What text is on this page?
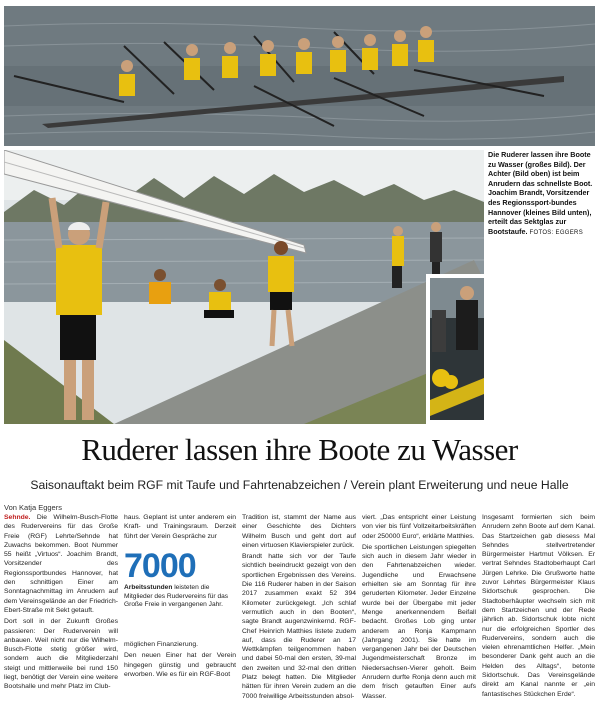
Die Ruderer lassen ihre Boote zu Wasser (großes Bild). Der Achter (Bild oben) ist beim Anrudern das schnellste Boot. Joachim Brandt, Vorsitzender des Regionssport-bundes Hannover (kleines Bild unten), erteilt das Sektglas zur Bootstaufe. FOTOS: EGGERS
Ruderer lassen ihre Boote zu Wasser
Saisonauftakt beim RGF mit Taufe und Fahrtenabzeichen / Verein plant Erweiterung und neue Halle
Von Katja Eggers

Sehnde. Die Wilhelm-Busch-Flotte des Rudervereins für das Große Freie (RGF) Lehrte/Sehnde hat Zuwachs bekommen. Boot Nummer 55 heißt „Virtuos“. Joachim Brandt, Vorsitzender des Regionssportbundes Hannover, hat den schnittigen Einer am Sonntagnachmittag im Anrudern auf dem Vereinsgelände an der Friedrich-Ebert-Straße mit Sekt getauft.

Dort soll in der Zukunft Großes passieren: Der Ruderverein will anbauen. Weil nicht nur die Wilhelm-Busch-Flotte stetig größer wird, sondern auch die Mitgliederzahl steigt und mittlerweile bei rund 150 liegt, benötigt der Verein eine weitere Bootshalle und mehr Platz im Club-

haus. Geplant ist unter anderem ein Kraft- und Trainingsraum. Derzeit führt der Verein Gespräche zur

7000
Arbeitsstunden leisteten die Mitglieder des Rudervereins für das Große Freie in vergangenen Jahr.

möglichen Finanzierung.

Den neuen Einer hat der Verein hingegen günstig und gebraucht erworben. Wie es für ein RGF-Boot

Tradition ist, stammt der Name aus einer Geschichte des Dichters Wilhelm Busch und geht dort auf einen virtuosen Klavierspieler zurück.

Brandt hatte sich vor der Taufe sichtlich beeindruckt gezeigt von den sportlichen Ergebnissen des Vereins. Die 116 Ruderer haben in der Saison 2017 zusammen exakt 52 394 Kilometer zurückgelegt. „Ich schlaf vermutlich auch in den Booten“, sagte Brandt augenzwinkernd. RGF-Chef Heinrich Matthies listete zudem auf, dass die Ruderer an 17 Wettkämpfen teilgenommen haben und dabei 50-mal den ersten, 39-mal den zweiten und 32-mal den dritten Platz belegt hatten. Die Mitglieder hätten für ihren Verein zudem an die 7000 freiwillige Arbeitsstunden absol-

viert. „Das entspricht einer Leistung von vier bis fünf Vollzeitarbeitskräften oder 250000 Euro“, erklärte Matthies.

Die sportlichen Leistungen spiegelten sich auch in diesem Jahr wieder in den Fahrtenabzeichen wieder. Jugendliche und Erwachsene erhielten sie am Sonntag für ihre geruderten Kilometer. Jeder Einzelne wurde bei der Übergabe mit jeder Menge anerkennendem Beifall bedacht. Großes Lob ging unter anderem an Ronja Kampmann (Jahrgang 2001). Sie hatte im vergangenen Jahr bei der Deutschen Jugendmeisterschaft Bronze im Niedersachsen-Vierer geholt. Beim Anrudern durfte Ronja denn auch mit dem frisch getauften Einer aufs Wasser.

Insgesamt formierten sich beim Anrudern zehn Boote auf dem Kanal. Das Startzeichen gab diesess Mal Sehndes stellvertretender Bürgermeister Hartmut Völksen. Er vertrat Sehndes Stadtoberhaupt Carl Jürgen Lehrke. Die Grußworte hatte zuvor Lehrtes Bürgermeister Klaus Sidortschuk gesprochen. Die Stadtoberhäupter wechseln sich mit dem Startzeichen und der Rede jährlich ab. Sidortschuk lobte nicht nur die erfolgreichen Sportler des Rudervereins, sondern auch die vielen ehrenamtlichen Helfer. „Mein besonderer Dank geht auch an die Helden des Alltags“, betonte Sidortschuk. Das Vereinsgelände direkt am Kanal nannte er „ein fantastisches Stückchen Erde“.
